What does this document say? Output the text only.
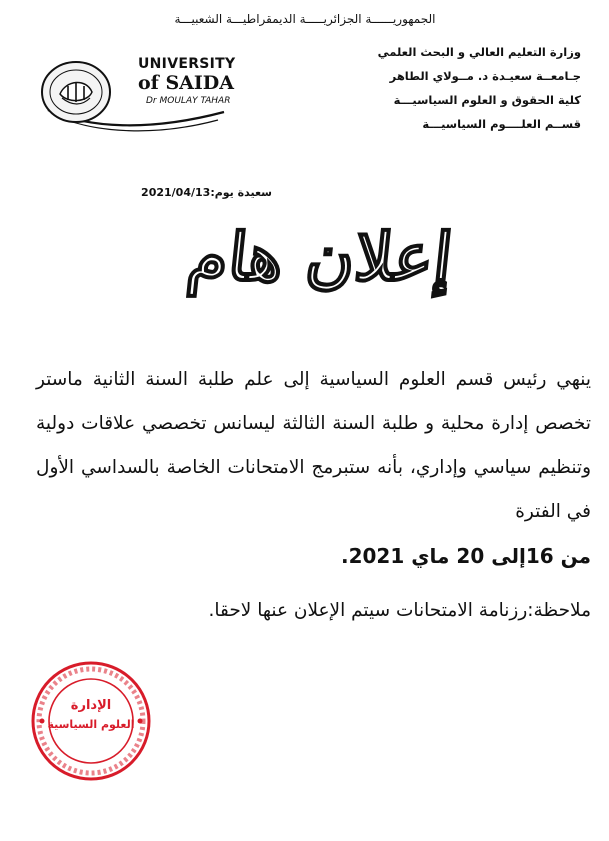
الجمهوريــــــة الجزائريـــــة الديمقراطيـــة الشعبيـــة
وزارة التعليم العالي و البحث العلمي
جـامعــة سعيـدة د. مــولاي الطاهر
كلية الحقوق و العلوم السياسيـــة
قســم العلــــوم السياسيـــة
UNIVERSITY
of SAIDA
Dr MOULAY TAHAR
سعيدة يوم:2021/04/13
إعلان هام

ينهي رئيس قسم العلوم السياسية إلى علم طلبة السنة الثانية ماستر تخصص إدارة محلية و طلبة السنة الثالثة ليسانس تخصصي علاقات دولية وتنظيم سياسي وإداري، بأنه ستبرمج الامتحانات الخاصة بالسداسي الأول في الفترة

من 16إلى 20 ماي 2021.

ملاحظة:رزنامة الامتحانات سيتم الإعلان عنها لاحقا.
الإدارة
العلوم السياسية
